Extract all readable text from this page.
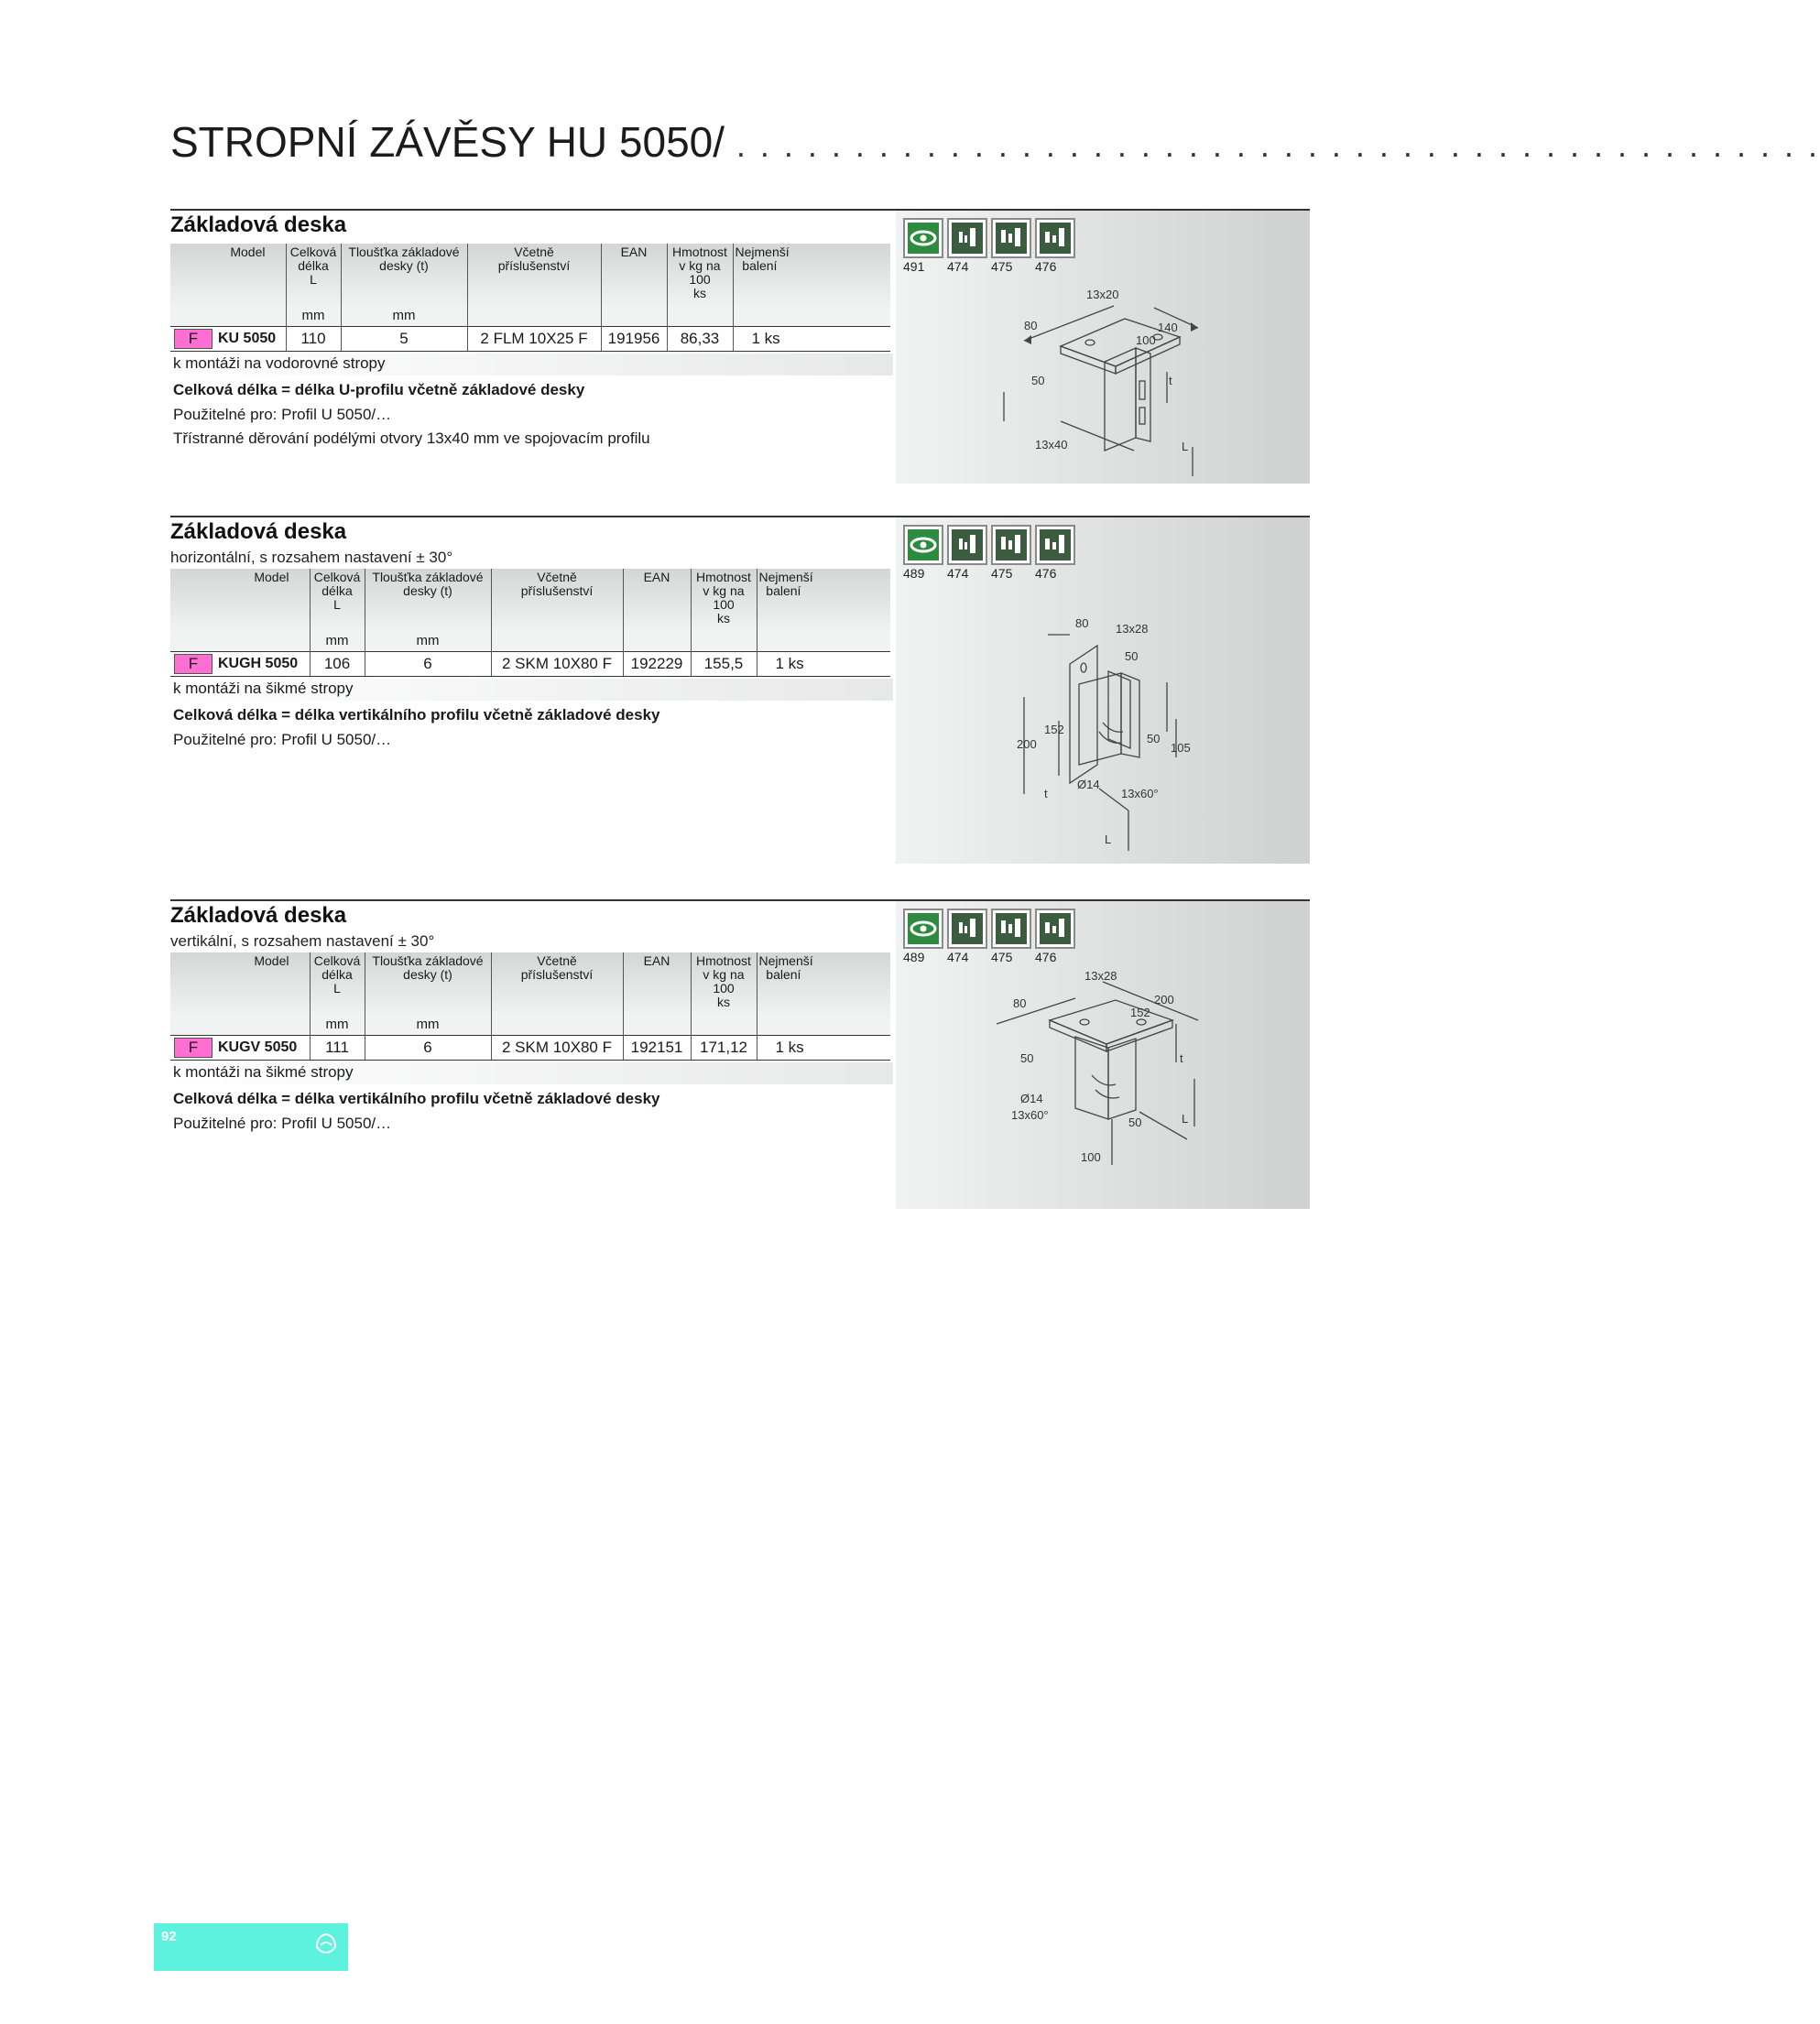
STROPNÍ ZÁVĚSY HU 5050/ . . . . . . . . . . . . . . . . . . . . . . . . . . . . . . . . . . . . . . . . . . . . . .
491	474	475	476
13x20
80	140
100
50	t
13x40	L
Základová deska
Model	Celková
délka
L	Tloušťka základové
desky (t)	Včetně
příslušenství	EAN	Hmotnost
v kg na
100
ks	Nejmenší
balení
	mm	mm				
F KU 5050	110	5	2 FLM 10X25 F	191956	86,33	1 ks
k montáži na vodorovné stropy
Celková délka = délka U-profilu včetně základové desky
Použitelné pro: Profil U 5050/…
Třístranné děrování podélými otvory 13x40 mm ve spojovacím profilu
489	474	475	476
80 13x28
50
152
200	50
105
Ø14
t	13x60°
L
Základová deska
horizontální, s rozsahem nastavení ± 30°
Model	Celková
délka
L	Tloušťka základové
desky (t)	Včetně
příslušenství	EAN	Hmotnost
v kg na
100
ks	Nejmenší
balení
	mm	mm				
F KUGH 5050	106	6	2 SKM 10X80 F	192229	155,5	1 ks
k montáži na šikmé stropy
Celková délka = délka vertikálního profilu včetně základové desky
Použitelné pro: Profil U 5050/…
489	474	475	476
13x28
200
80
152
50	t
Ø14
13x60°
50	L
100
Základová deska
vertikální, s rozsahem nastavení ± 30°
Model	Celková
délka
L	Tloušťka základové
desky (t)	Včetně
příslušenství	EAN	Hmotnost
v kg na
100
ks	Nejmenší
balení
	mm	mm				
F KUGV 5050	111	6	2 SKM 10X80 F	192151	171,12	1 ks
k montáži na šikmé stropy
Celková délka = délka vertikálního profilu včetně základové desky
Použitelné pro: Profil U 5050/…
92
